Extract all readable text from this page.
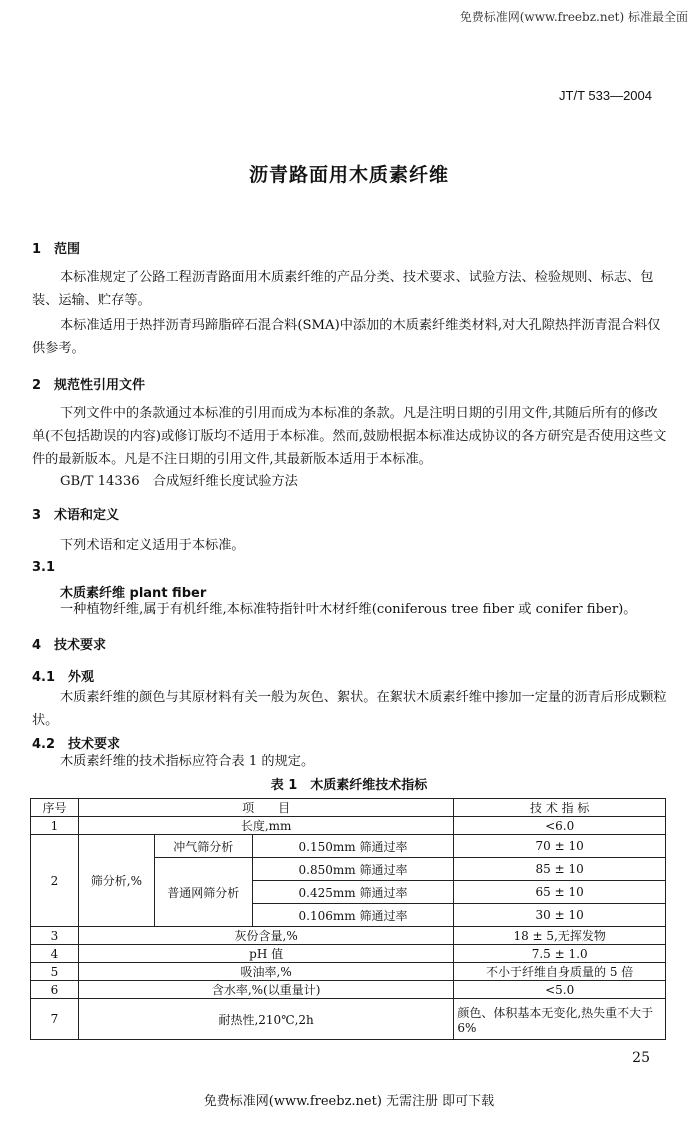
免费标准网(www.freebz.net) 标准最全面
JT/T 533—2004
沥青路面用木质素纤维
1　范围
本标准规定了公路工程沥青路面用木质素纤维的产品分类、技术要求、试验方法、检验规则、标志、包装、运输、贮存等。
本标准适用于热拌沥青玛蹄脂碎石混合料(SMA)中添加的木质素纤维类材料,对大孔隙热拌沥青混合料仅供参考。
2　规范性引用文件
下列文件中的条款通过本标准的引用而成为本标准的条款。凡是注明日期的引用文件,其随后所有的修改单(不包括勘误的内容)或修订版均不适用于本标准。然而,鼓励根据本标准达成协议的各方研究是否使用这些文件的最新版本。凡是不注日期的引用文件,其最新版本适用于本标准。
GB/T 14336　合成短纤维长度试验方法
3　术语和定义
下列术语和定义适用于本标准。
3.1
木质素纤维 plant fiber
一种植物纤维,属于有机纤维,本标准特指针叶木材纤维(coniferous tree fiber 或 conifer fiber)。
4　技术要求
4.1　外观
木质素纤维的颜色与其原材料有关一般为灰色、絮状。在絮状木质素纤维中掺加一定量的沥青后形成颗粒状。
4.2　技术要求
木质素纤维的技术指标应符合表 1 的规定。
表 1　木质素纤维技术指标
序号	项　　目			技 术 指 标
1	长度,mm			<6.0
2	筛分析,%	冲气筛分析	0.150mm 筛通过率	70 ± 10
		普通网筛分析	0.850mm 筛通过率	85 ± 10
			0.425mm 筛通过率	65 ± 10
			0.106mm 筛通过率	30 ± 10
3	灰份含量,%			18 ± 5,无挥发物
4	pH 值			7.5 ± 1.0
5	吸油率,%			不小于纤维自身质量的 5 倍
6	含水率,%(以重量计)			<5.0
7	耐热性,210℃,2h			颜色、体积基本无变化,热失重不大于 6%
25
免费标准网(www.freebz.net) 无需注册 即可下载
